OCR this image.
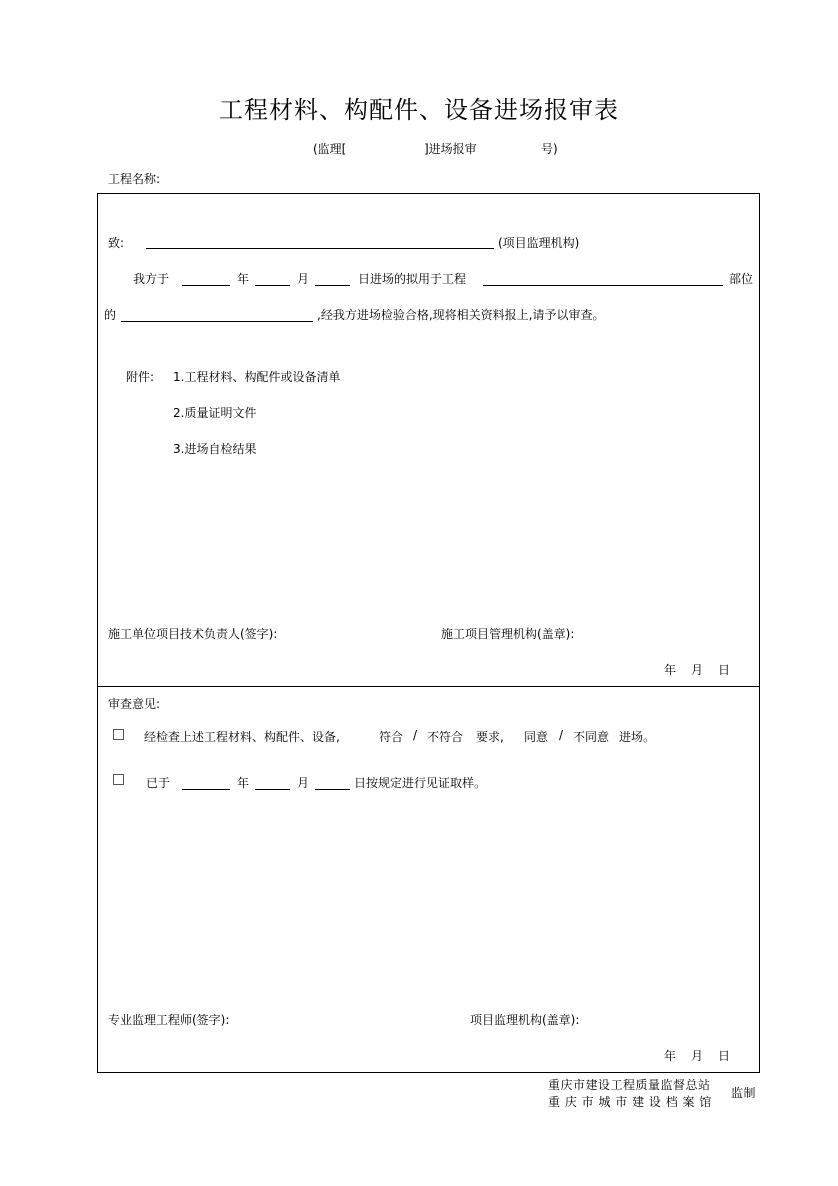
工程材料、构配件、设备进场报审表
(监理[	]进场报审	号)
工程名称:
致:	(项目监理机构)
我方于	年	月	日进场的拟用于工程	部位
的	,经我方进场检验合格,现将相关资料报上,请予以审查。
附件: 1.工程材料、构配件或设备清单
2.质量证明文件
3.进场自检结果
施工单位项目技术负责人(签字):	施工项目管理机构(盖章):
年 月 日
审查意见:
经检查上述工程材料、构配件、设备,	符合 / 不符合 要求, 同意 / 不同意 进场。
已于	年	月	日按规定进行见证取样。
专业监理工程师(签字):	项目监理机构(盖章):
年 月 日
重庆市建设工程质量监督总站
重 庆 市 城 市 建 设 档 案 馆
监制
